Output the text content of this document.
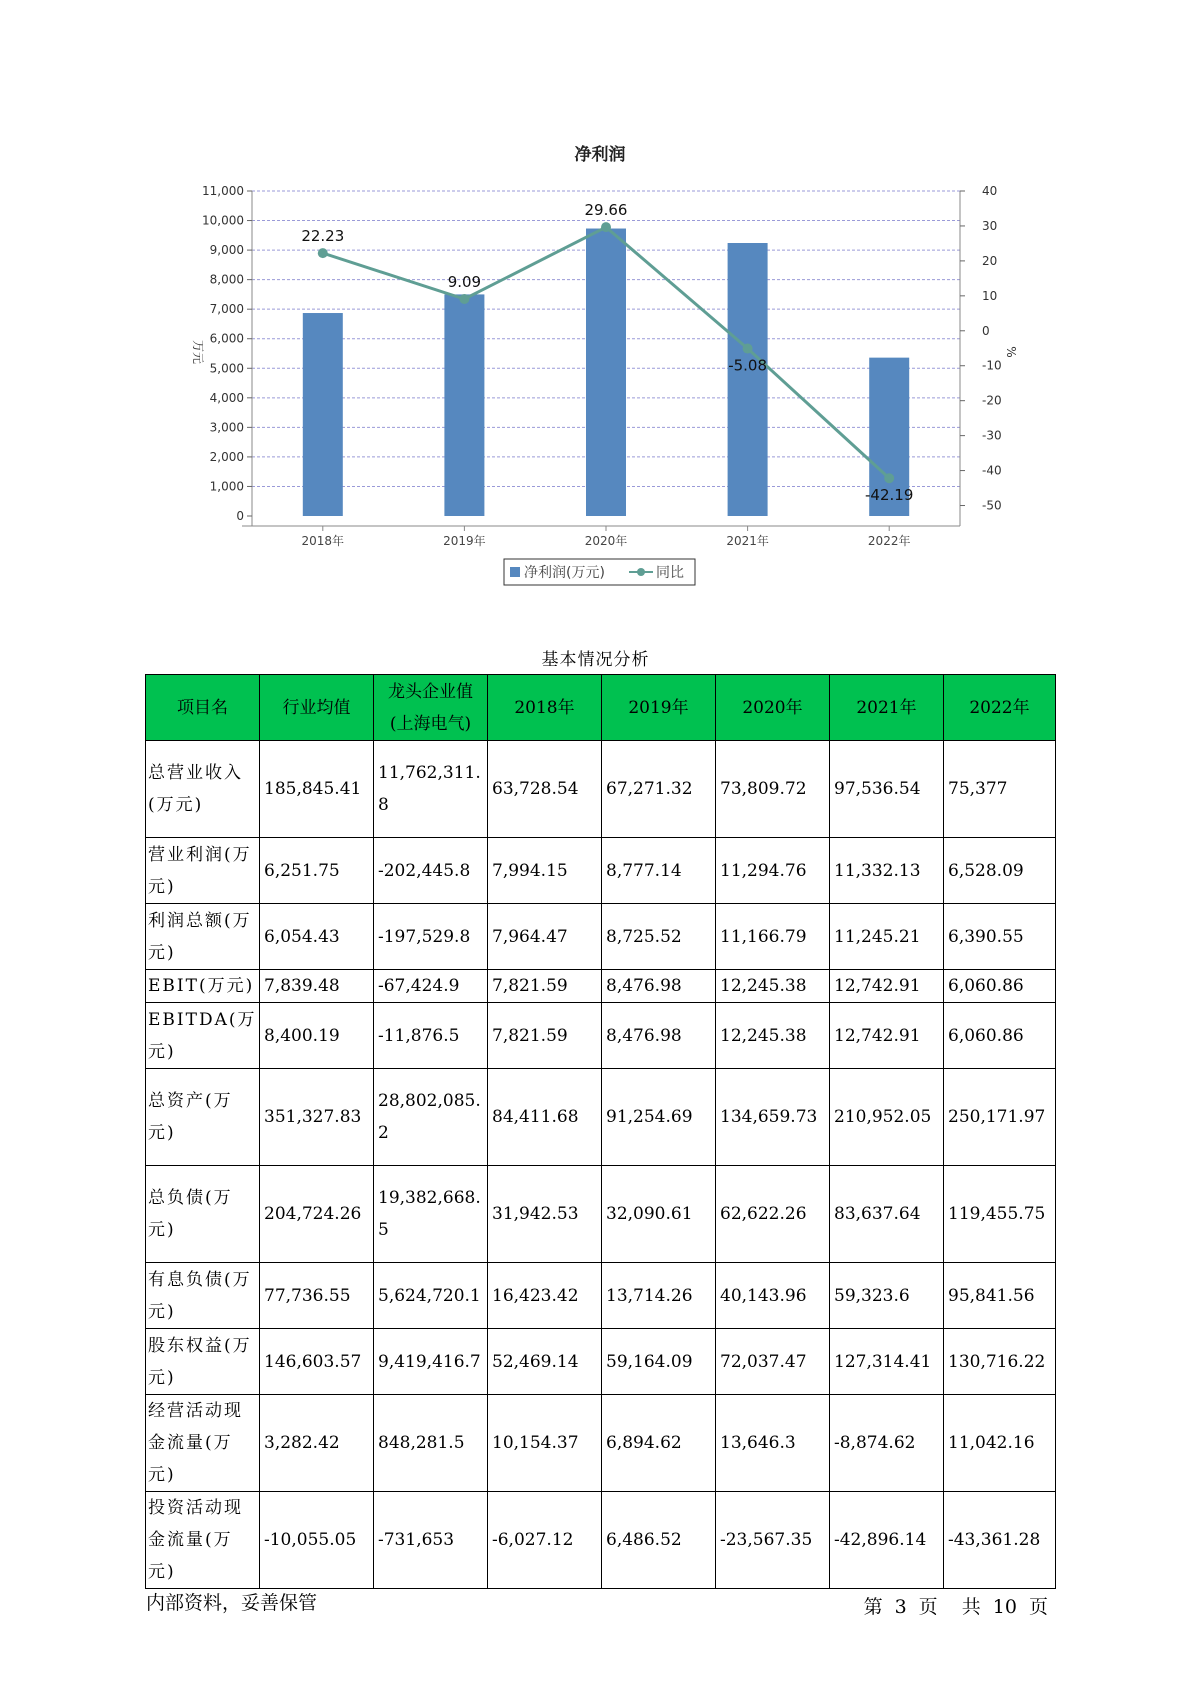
净利润
0
1,000
2,000
3,000
4,000
5,000
6,000
7,000
8,000
9,000
10,000
11,000	40
30
20
10
0
-10
-20
-30
-40
-50
2018年	2019年	2020年	2021年	2022年
22.23
9.09
29.66
-5.08
-42.19
万元	%
净利润(万元)	同比
基本情况分析
项目名	行业均值	龙头企业值(上海电气)	2018年	2019年	2020年	2021年	2022年
总营业收入(万元)	185,845.41	11,762,311.8	63,728.54	67,271.32	73,809.72	97,536.54	75,377
营业利润(万元)	6,251.75	-202,445.8	7,994.15	8,777.14	11,294.76	11,332.13	6,528.09
利润总额(万元)	6,054.43	-197,529.8	7,964.47	8,725.52	11,166.79	11,245.21	6,390.55
EBIT(万元)	7,839.48	-67,424.9	7,821.59	8,476.98	12,245.38	12,742.91	6,060.86
EBITDA(万元)	8,400.19	-11,876.5	7,821.59	8,476.98	12,245.38	12,742.91	6,060.86
总资产(万元)	351,327.83	28,802,085.2	84,411.68	91,254.69	134,659.73	210,952.05	250,171.97
总负债(万元)	204,724.26	19,382,668.5	31,942.53	32,090.61	62,622.26	83,637.64	119,455.75
有息负债(万元)	77,736.55	5,624,720.1	16,423.42	13,714.26	40,143.96	59,323.6	95,841.56
股东权益(万元)	146,603.57	9,419,416.7	52,469.14	59,164.09	72,037.47	127,314.41	130,716.22
经营活动现金流量(万元)	3,282.42	848,281.5	10,154.37	6,894.62	13,646.3	-8,874.62	11,042.16
投资活动现金流量(万元)	-10,055.05	-731,653	-6,027.12	6,486.52	-23,567.35	-42,896.14	-43,361.28
内部资料，妥善保管	第 3 页 共 10 页
